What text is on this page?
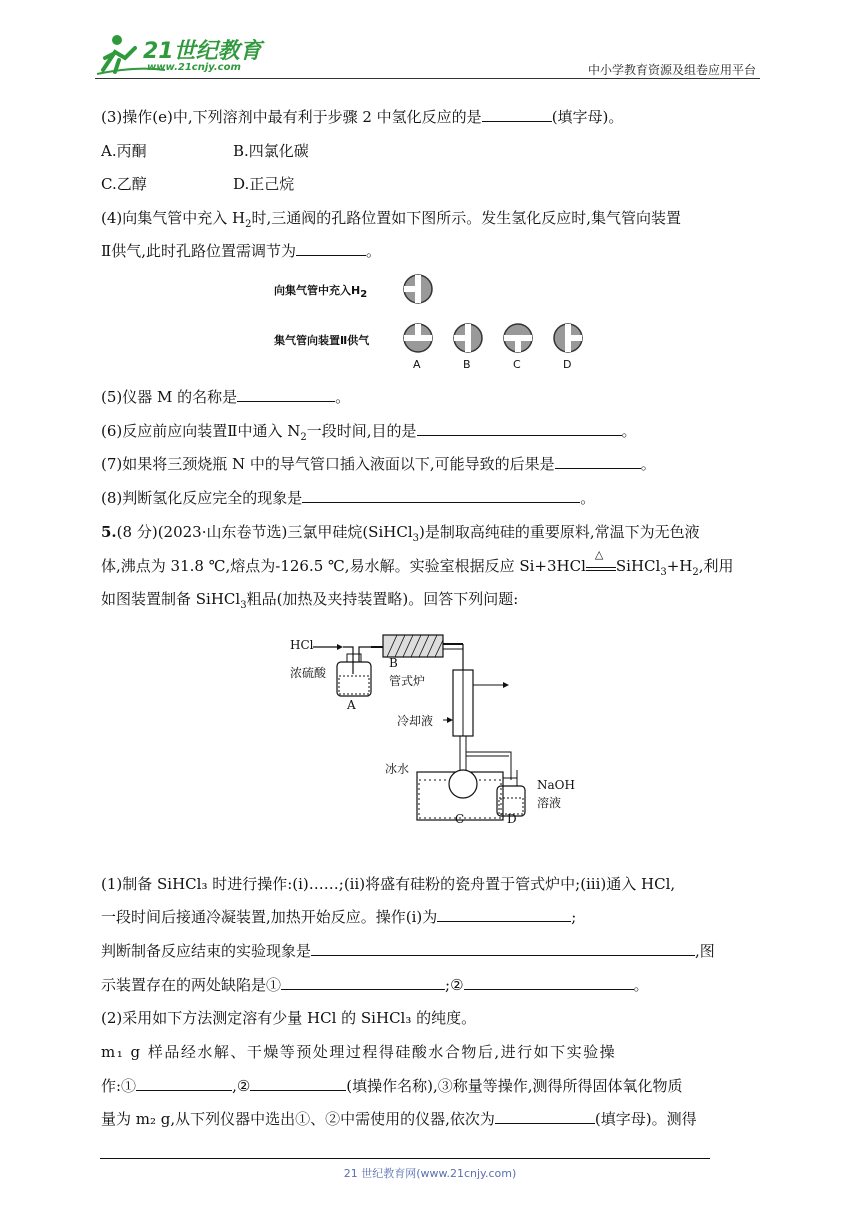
21世纪教育
www.21cnjy.com	中小学教育资源及组卷应用平台
(3)操作(e)中,下列溶剂中最有利于步骤 2 中氢化反应的是	(填字母)。
A.丙酮	B.四氯化碳
C.乙醇	D.正己烷
(4)向集气管中充入 $H_2$时,三通阀的孔路位置如下图所示。发生氢化反应时,集气管向装置
Ⅱ供气,此时孔路位置需调节为	。
向集气管中充入$H_2$
集气管向装置Ⅱ供气
A	B	C	D
(5)仪器 M 的名称是	。
(6)反应前应向装置Ⅱ中通入 $N_2$一段时间,目的是	。
(7)如果将三颈烧瓶 N 中的导气管口插入液面以下,可能导致的后果是	。
(8)判断氢化反应完全的现象是	。
5.(8 分)(2023·山东卷节选)三氯甲硅烷(SiHCl$_3$)是制取高纯硅的重要原料,常温下为无色液
体,沸点为 31.8 ℃,熔点为-126.5 ℃,易水解。实验室根据反应 Si+3HCl
△
$SiHCl_3+H_2$,利用
如图装置制备 SiHCl$_3$粗品(加热及夹持装置略)。回答下列问题:
HCl
浓硫酸
A
B
管式炉
冷却液
冰水
C
NaOH
溶液
D
(1)制备 SiHCl₃ 时进行操作:(ⅰ)……;(ⅱ)将盛有硅粉的瓷舟置于管式炉中;(ⅲ)通入 HCl,
一段时间后接通冷凝装置,加热开始反应。操作(ⅰ)为	;
判断制备反应结束的实验现象是	,图
示装置存在的两处缺陷是①	;②	。
(2)采用如下方法测定溶有少量 HCl 的 SiHCl₃ 的纯度。
m₁ g 样品经水解、干燥等预处理过程得硅酸水合物后,进行如下实验操
作:①	,②	(填操作名称),③称量等操作,测得所得固体氧化物质
量为 m₂ g,从下列仪器中选出①、②中需使用的仪器,依次为	(填字母)。测得
21 世纪教育网(www.21cnjy.com)
